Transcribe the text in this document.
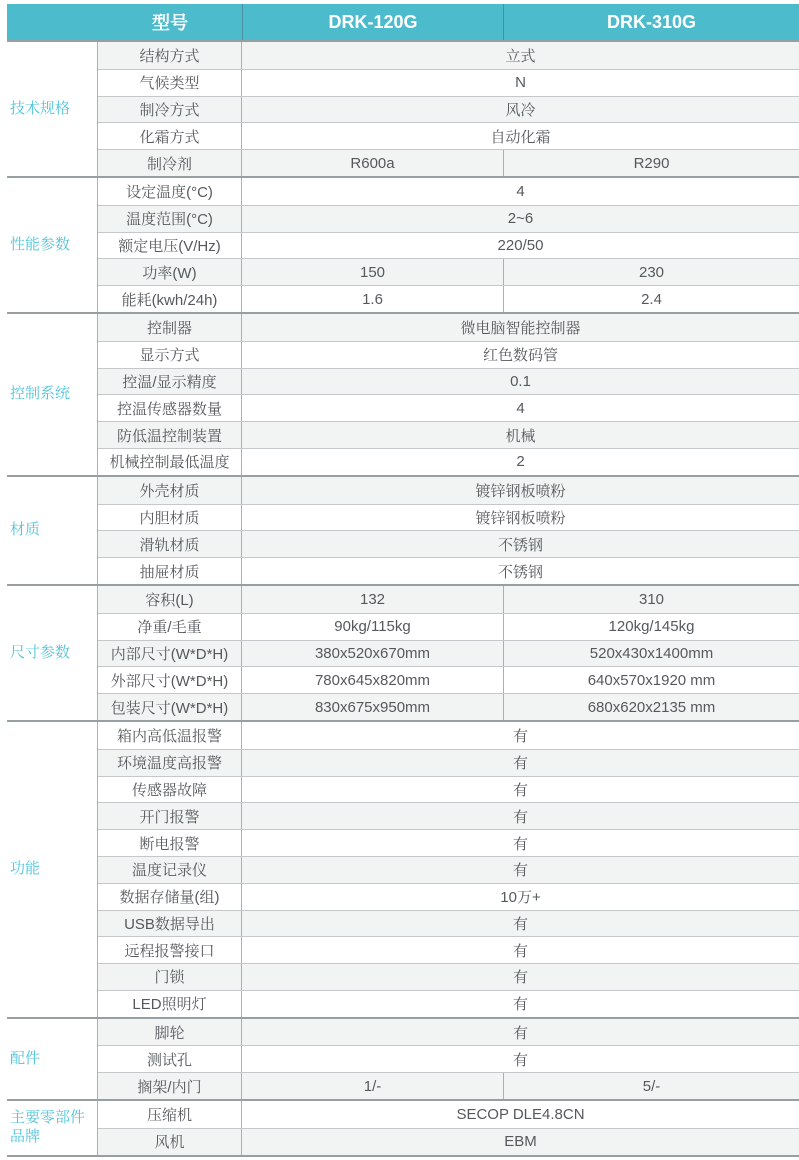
型号	DRK-120G	DRK-310G
技术规格
结构方式	立式
气候类型	N
制冷方式	风冷
化霜方式	自动化霜
制冷剂	R600a	R290
性能参数
设定温度(°C)	4
温度范围(°C)	2~6
额定电压(V/Hz)	220/50
功率(W)	150	230
能耗(kwh/24h)	1.6	2.4
控制系统
控制器	微电脑智能控制器
显示方式	红色数码管
控温/显示精度	0.1
控温传感器数量	4
防低温控制装置	机械
机械控制最低温度	2
材质
外壳材质	镀锌钢板喷粉
内胆材质	镀锌钢板喷粉
滑轨材质	不锈钢
抽屉材质	不锈钢
尺寸参数
容积(L)	132	310
净重/毛重	90kg/115kg	120kg/145kg
内部尺寸(W*D*H)	380x520x670mm	520x430x1400mm
外部尺寸(W*D*H)	780x645x820mm	640x570x1920 mm
包装尺寸(W*D*H)	830x675x950mm	680x620x2135 mm
功能
箱内高低温报警	有
环境温度高报警	有
传感器故障	有
开门报警	有
断电报警	有
温度记录仪	有
数据存储量(组)	10万+
USB数据导出	有
远程报警接口	有
门锁	有
LED照明灯	有
配件
脚轮	有
测试孔	有
搁架/内门	1/-	5/-
主要零部件品牌
压缩机	SECOP DLE4.8CN
风机	EBM
